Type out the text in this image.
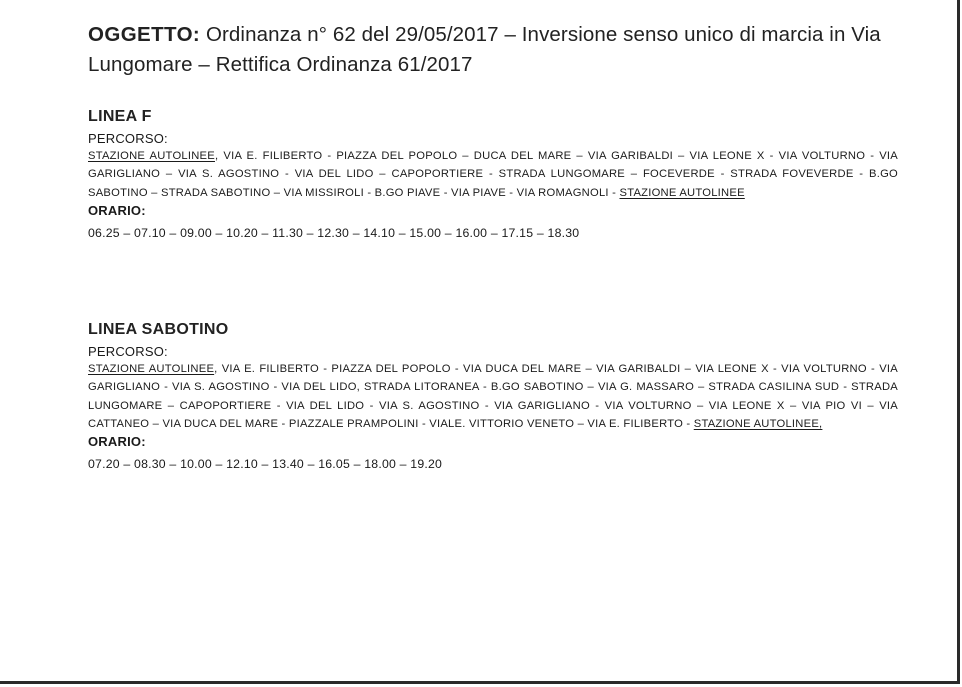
OGGETTO: Ordinanza n° 62 del 29/05/2017 – Inversione senso unico di marcia in Via Lungomare – Rettifica Ordinanza 61/2017
LINEA F
PERCORSO:
STAZIONE AUTOLINEE, VIA E. FILIBERTO - PIAZZA DEL POPOLO – DUCA DEL MARE – VIA GARIBALDI – VIA LEONE X - VIA VOLTURNO - VIA GARIGLIANO – VIA S. AGOSTINO - VIA DEL LIDO – CAPOPORTIERE - STRADA LUNGOMARE – FOCEVERDE - STRADA FOVEVERDE - B.GO SABOTINO – STRADA SABOTINO – VIA MISSIROLI - B.GO PIAVE - VIA PIAVE - VIA ROMAGNOLI - STAZIONE AUTOLINEE
ORARIO:
06.25 – 07.10 – 09.00 – 10.20 – 11.30 – 12.30 – 14.10 – 15.00 – 16.00 – 17.15 – 18.30
LINEA SABOTINO
PERCORSO:
STAZIONE AUTOLINEE, VIA E. FILIBERTO - PIAZZA DEL POPOLO - VIA DUCA DEL MARE – VIA GARIBALDI – VIA LEONE X - VIA VOLTURNO - VIA GARIGLIANO - VIA S. AGOSTINO - VIA DEL LIDO, STRADA LITORANEA - B.GO SABOTINO – VIA G. MASSARO – STRADA CASILINA SUD - STRADA LUNGOMARE – CAPOPORTIERE - VIA DEL LIDO - VIA S. AGOSTINO - VIA GARIGLIANO - VIA VOLTURNO – VIA LEONE X – VIA PIO VI – VIA CATTANEO – VIA DUCA DEL MARE - PIAZZALE PRAMPOLINI - VIALE. VITTORIO VENETO – VIA E. FILIBERTO - STAZIONE AUTOLINEE,
ORARIO:
07.20 – 08.30 – 10.00 – 12.10 – 13.40 – 16.05 – 18.00 – 19.20
